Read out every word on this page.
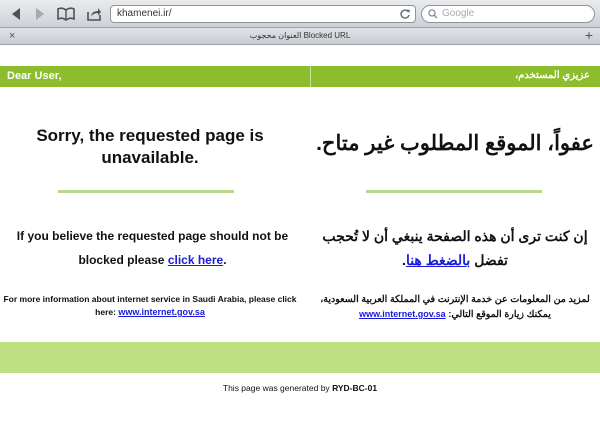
khamenei.ir/	Google
×	العنوان محجوب Blocked URL	+
Dear User,	عزيزي المستخدم،
Sorry, the requested page is unavailable.
If you believe the requested page should not be blocked please click here.
For more information about internet service in Saudi Arabia, please click here: www.internet.gov.sa
عفواً، الموقع المطلوب غير متاح.
إن كنت ترى أن هذه الصفحة ينبغي أن لا تُحجب تفضل بالضغط هنا.
لمزيد من المعلومات عن خدمة الإنترنت في المملكة العربية السعودية، يمكنك زيارة الموقع التالي: www.internet.gov.sa
This page was generated by RYD-BC-01
